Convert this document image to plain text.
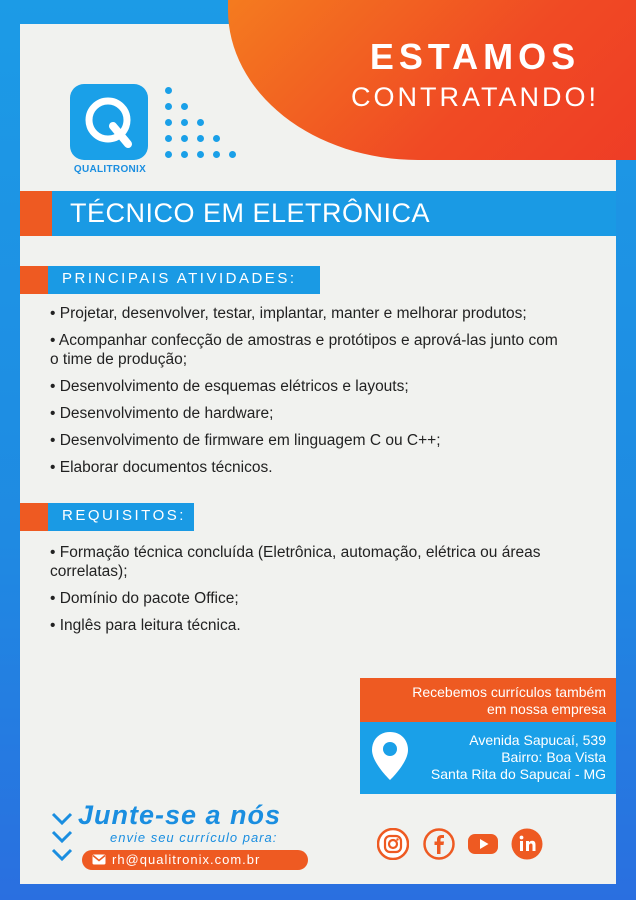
ESTAMOS
CONTRATANDO!
QUALITRONIX
TÉCNICO EM ELETRÔNICA
PRINCIPAIS ATIVIDADES:
• Projetar, desenvolver, testar, implantar, manter e melhorar produtos;
• Acompanhar confecção de amostras e protótipos e aprová-las junto com o time de produção;
• Desenvolvimento de esquemas elétricos e layouts;
• Desenvolvimento de hardware;
• Desenvolvimento de firmware em linguagem C ou C++;
• Elaborar documentos técnicos.
REQUISITOS:
• Formação técnica concluída (Eletrônica, automação, elétrica ou áreas correlatas);
• Domínio do pacote Office;
• Inglês para leitura técnica.
Recebemos currículos também
em nossa empresa
Avenida Sapucaí, 539
Bairro: Boa Vista
Santa Rita do Sapucaí - MG
Junte-se a nós
envie seu currículo para:
rh@qualitronix.com.br
